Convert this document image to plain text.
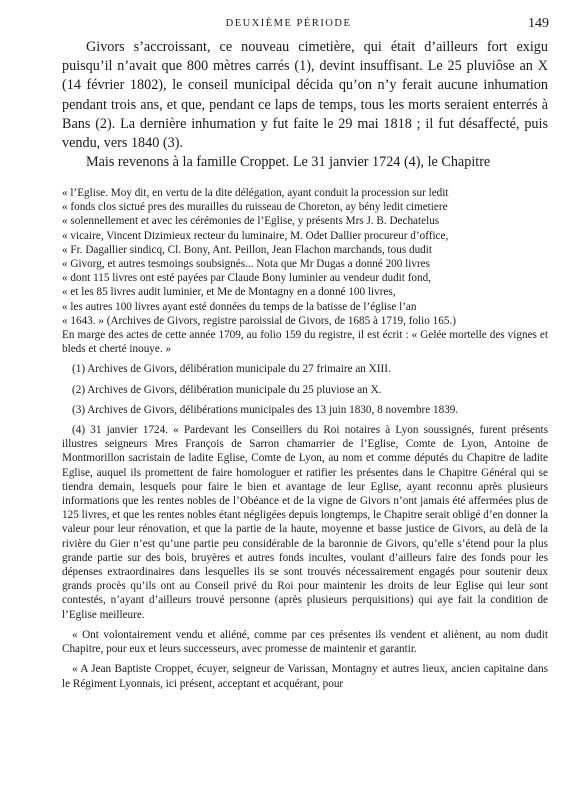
DEUXIÈME PÉRIODE	149

Givors s’accroissant, ce nouveau cimetière, qui était d’ailleurs fort exigu puisqu’il n’avait que 800 mètres carrés (1), devint insuffisant. Le 25 pluviôse an X (14 février 1802), le conseil municipal décida qu’on n’y ferait aucune inhumation pendant trois ans, et que, pendant ce laps de temps, tous les morts seraient enterrés à Bans (2). La dernière inhumation y fut faite le 29 mai 1818 ; il fut désaffecté, puis vendu, vers 1840 (3).

Mais revenons à la famille Croppet. Le 31 janvier 1724 (4), le Chapitre

« l’Eglise. Moy dit, en vertu de la dite délégation, ayant conduit la procession sur ledit

« fonds clos sictué pres des murailles du ruisseau de Choreton, ay bény ledit cimetiere

« solennellement et avec les cérémonies de l’Eglise, y présents Mrs J. B. Dechatelus

« vicaire, Vincent Dizimieux recteur du luminaire, M. Odet Dallier procureur d’office,

« Fr. Dagallier sindicq, Cl. Bony, Ant. Peillon, Jean Flachon marchands, tous dudit

« Givorg, et autres tesmoings soubsignés... Nota que Mr Dugas a donné 200 livres

« dont 115 livres ont esté payées par Claude Bony luminier au vendeur dudit fond,

« et les 85 livres audit luminier, et Me de Montagny en a donné 100 livres,

« les autres 100 livres ayant esté données du temps de la batisse de l’église l’an

« 1643. » (Archives de Givors, registre paroissial de Givors, de 1685 à 1719, folio 165.)

En marge des actes de cette année 1709, au folio 159 du registre, il est écrit : « Gelée mortelle des vignes et bleds et cherté inouye. »

(1) Archives de Givors, délibération municipale du 27 frimaire an XIII.

(2) Archives de Givors, délibération municipale du 25 pluviose an X.

(3) Archives de Givors, délibérations municipales des 13 juin 1830, 8 novembre 1839.

(4) 31 janvier 1724. « Pardevant les Conseillers du Roi notaires à Lyon soussignés, furent présents illustres seigneurs Mres François de Sarron chamarrier de l’Eglise, Comte de Lyon, Antoine de Montmorillon sacristain de ladite Eglise, Comte de Lyon, au nom et comme députés du Chapitre de ladite Eglise, auquel ils promettent de faire homologuer et ratifier les présentes dans le Chapitre Général qui se tiendra demain, lesquels pour faire le bien et avantage de leur Eglise, ayant reconnu après plusieurs informations que les rentes nobles de l’Obéance et de la vigne de Givors n’ont jamais été affermées plus de 125 livres, et que les rentes nobles étant négligées depuis longtemps, le Chapitre serait obligé d’en donner la valeur pour leur rénovation, et que la partie de la haute, moyenne et basse justice de Givors, au delà de la rivière du Gier n’est qu’une partie peu considérable de la baronnie de Givors, qu’elle s’étend pour la plus grande partie sur des bois, bruyères et autres fonds incultes, voulant d’ailleurs faire des fonds pour les dépenses extraordinaires dans lesquelles ils se sont trouvés nécessairement engagés pour soutenir deux grands procès qu’ils ont au Conseil privé du Roi pour maintenir les droits de leur Eglise qui leur sont contestés, n’ayant d’ailleurs trouvé personne (après plusieurs perquisitions) qui aye fait la condition de l’Eglise meilleure.

« Ont volontairement vendu et aliéné, comme par ces présentes ils vendent et aliènent, au nom dudit Chapitre, pour eux et leurs successeurs, avec promesse de maintenir et garantir.

« A Jean Baptiste Croppet, écuyer, seigneur de Varissan, Montagny et autres lieux, ancien capitaine dans le Régiment Lyonnais, ici présent, acceptant et acquérant, pour
